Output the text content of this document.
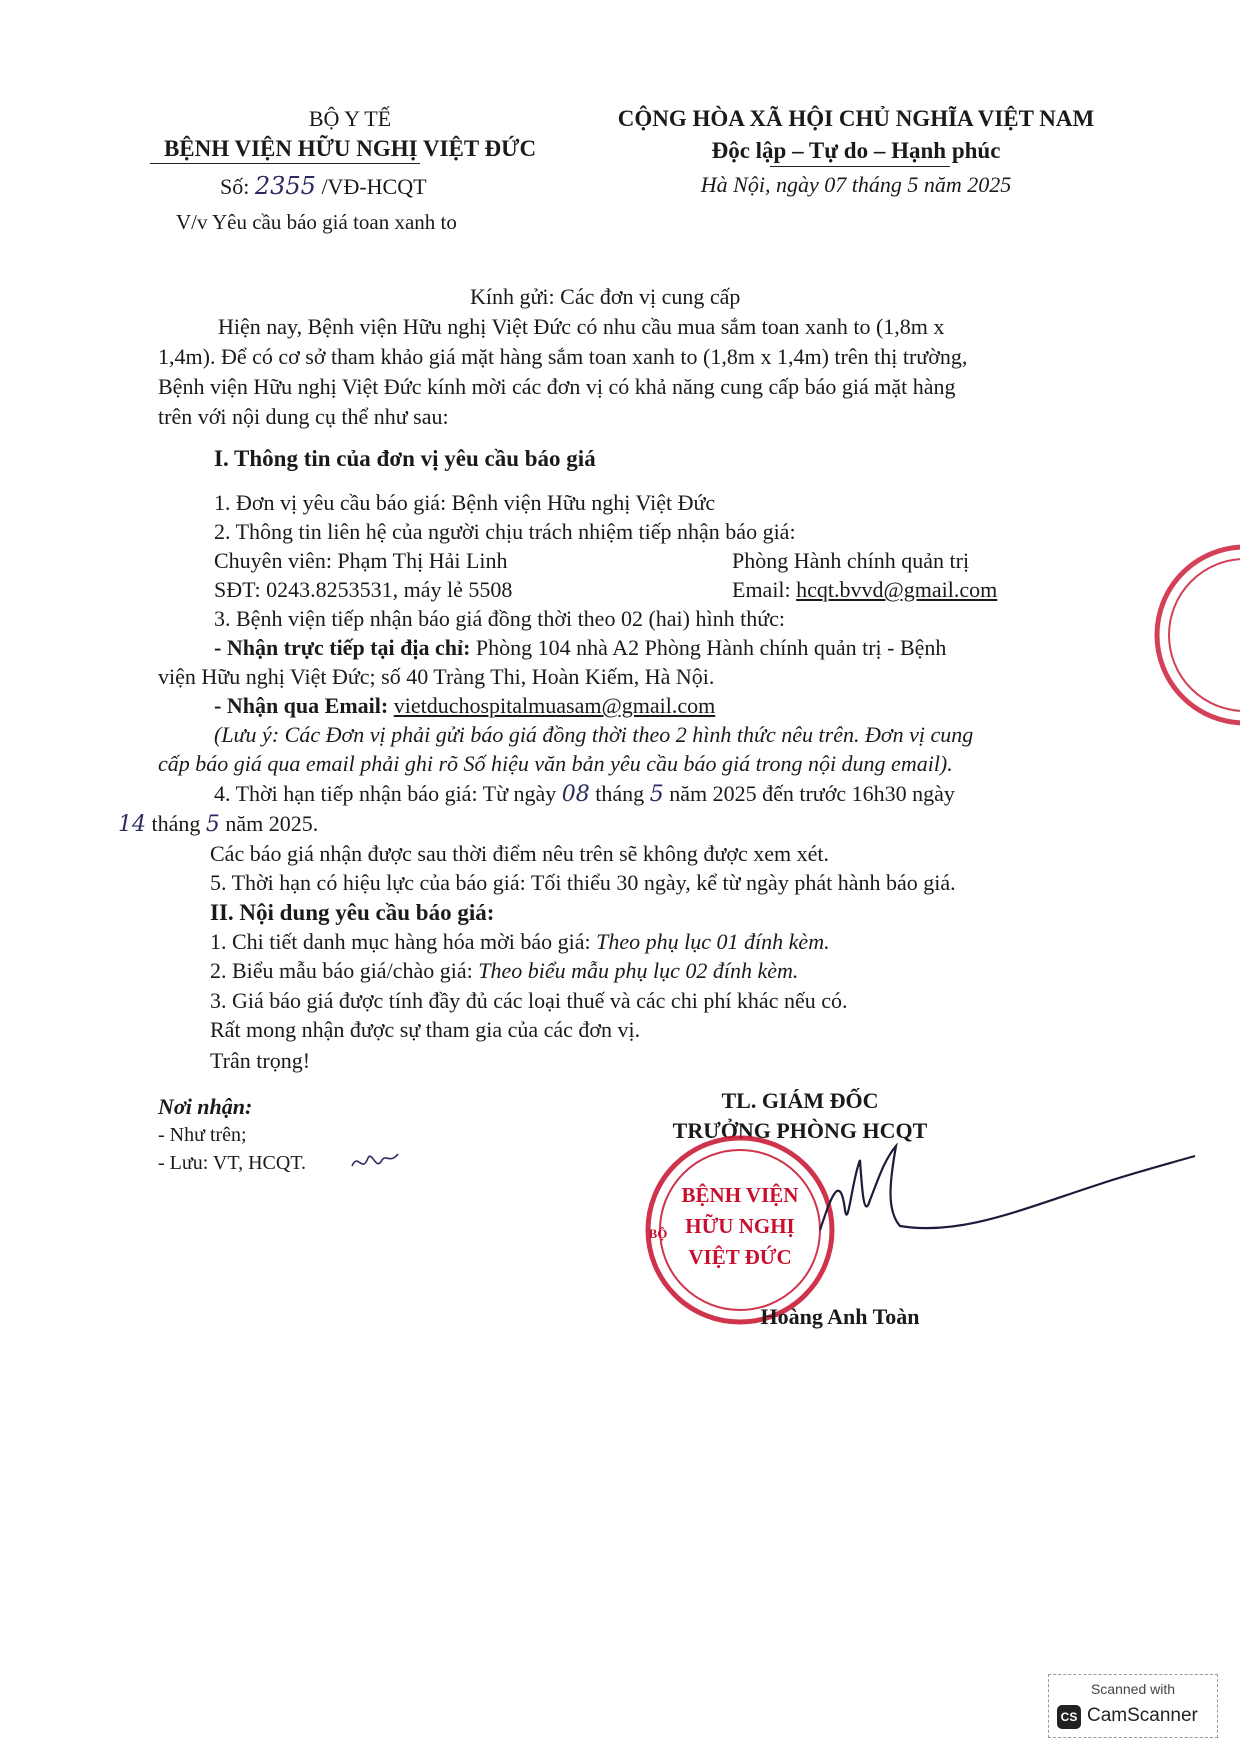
BỘ Y TẾ
BỆNH VIỆN HỮU NGHỊ VIỆT ĐỨC
Số: 2355 /VĐ-HCQT
V/v Yêu cầu báo giá toan xanh to
CỘNG HÒA XÃ HỘI CHỦ NGHĨA VIỆT NAM
Độc lập – Tự do – Hạnh phúc
Hà Nội, ngày 07 tháng 5 năm 2025
Kính gửi: Các đơn vị cung cấp
Hiện nay, Bệnh viện Hữu nghị Việt Đức có nhu cầu mua sắm toan xanh to (1,8m x
1,4m). Để có cơ sở tham khảo giá mặt hàng sắm toan xanh to (1,8m x 1,4m) trên thị trường,
Bệnh viện Hữu nghị Việt Đức kính mời các đơn vị có khả năng cung cấp báo giá mặt hàng
trên với nội dung cụ thể như sau:
I. Thông tin của đơn vị yêu cầu báo giá
1. Đơn vị yêu cầu báo giá: Bệnh viện Hữu nghị Việt Đức
2. Thông tin liên hệ của người chịu trách nhiệm tiếp nhận báo giá:
Chuyên viên: Phạm Thị Hải Linh	Phòng Hành chính quản trị
SĐT: 0243.8253531, máy lẻ 5508	Email: hcqt.bvvd@gmail.com
3. Bệnh viện tiếp nhận báo giá đồng thời theo 02 (hai) hình thức:
- Nhận trực tiếp tại địa chỉ: Phòng 104 nhà A2 Phòng Hành chính quản trị - Bệnh
viện Hữu nghị Việt Đức; số 40 Tràng Thi, Hoàn Kiếm, Hà Nội.
- Nhận qua Email: vietduchospitalmuasam@gmail.com
(Lưu ý: Các Đơn vị phải gửi báo giá đồng thời theo 2 hình thức nêu trên. Đơn vị cung
cấp báo giá qua email phải ghi rõ Số hiệu văn bản yêu cầu báo giá trong nội dung email).
4. Thời hạn tiếp nhận báo giá: Từ ngày 08 tháng 5 năm 2025 đến trước 16h30 ngày
14 tháng 5 năm 2025.
Các báo giá nhận được sau thời điểm nêu trên sẽ không được xem xét.
5. Thời hạn có hiệu lực của báo giá: Tối thiểu 30 ngày, kể từ ngày phát hành báo giá.
II. Nội dung yêu cầu báo giá:
1. Chi tiết danh mục hàng hóa mời báo giá: Theo phụ lục 01 đính kèm.
2. Biểu mẫu báo giá/chào giá: Theo biểu mẫu phụ lục 02 đính kèm.
3. Giá báo giá được tính đầy đủ các loại thuế và các chi phí khác nếu có.
Rất mong nhận được sự tham gia của các đơn vị.
Trân trọng!
Nơi nhận:
- Như trên;
- Lưu: VT, HCQT.
TL. GIÁM ĐỐC
TRƯỞNG PHÒNG HCQT
BỆNH VIỆN
HỮU NGHỊ
VIỆT ĐỨC
BỘ
Hoàng Anh Toàn
Scanned with
CS CamScanner
